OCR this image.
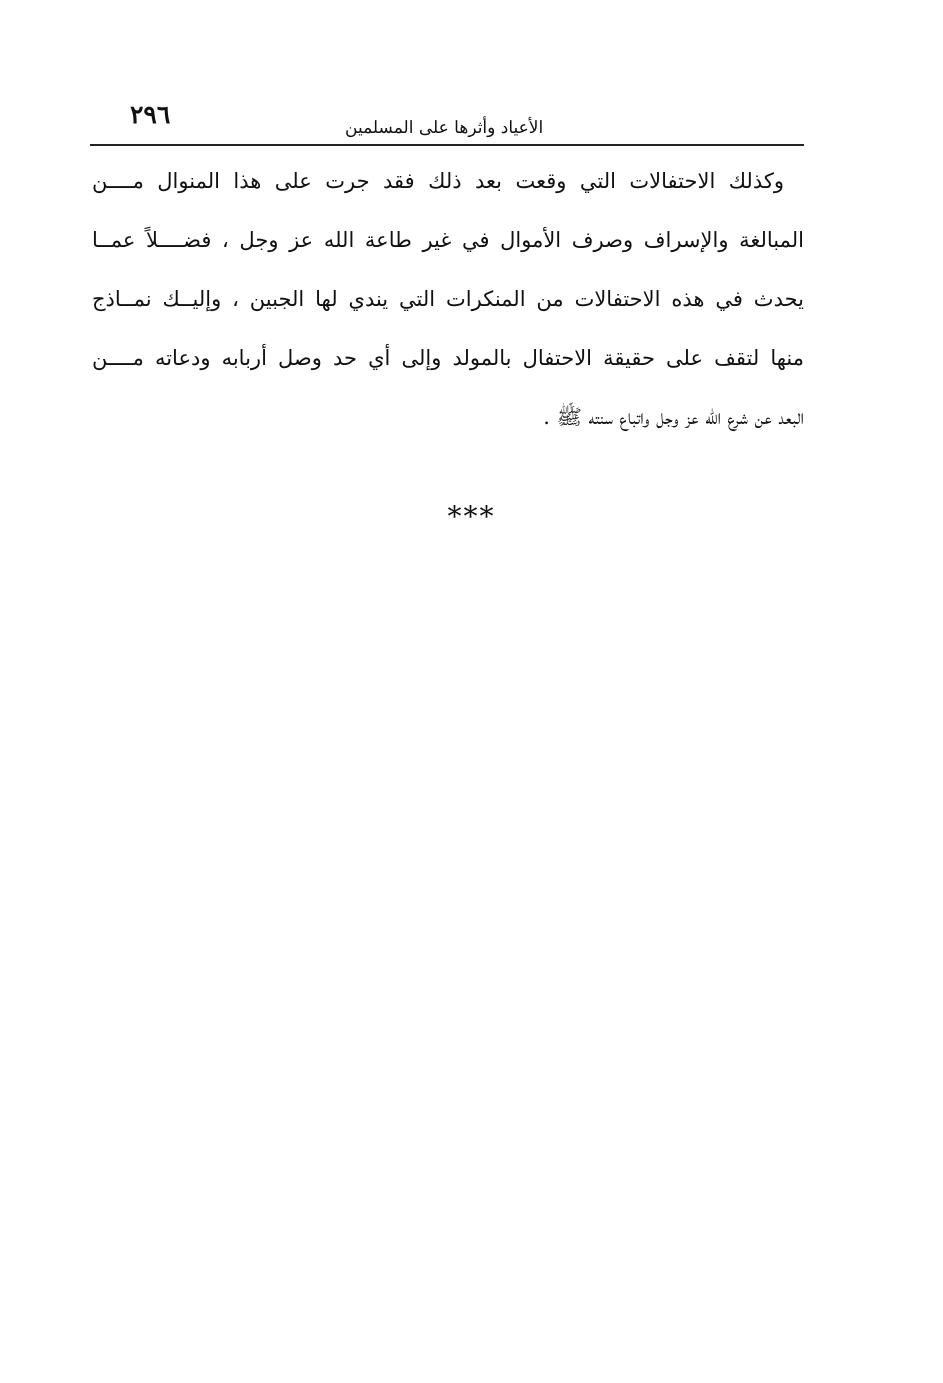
٢٩٦	الأعياد وأثرها على المسلمين
وكذلك الاحتفالات التي وقعت بعد ذلك فقد جرت على هذا المنوال مــــن
المبالغة والإسراف وصرف الأموال في غير طاعة الله عز وجل ، فضــــلاً عمــا
يحدث في هذه الاحتفالات من المنكرات التي يندي لها الجبين ، وإليــك نمــاذج
منها لتقف على حقيقة الاحتفال بالمولد وإلى أي حد وصل أربابه ودعاته مــــن
البعد عن شرع الله عز وجل واتباع سنته ﷺ .
***
